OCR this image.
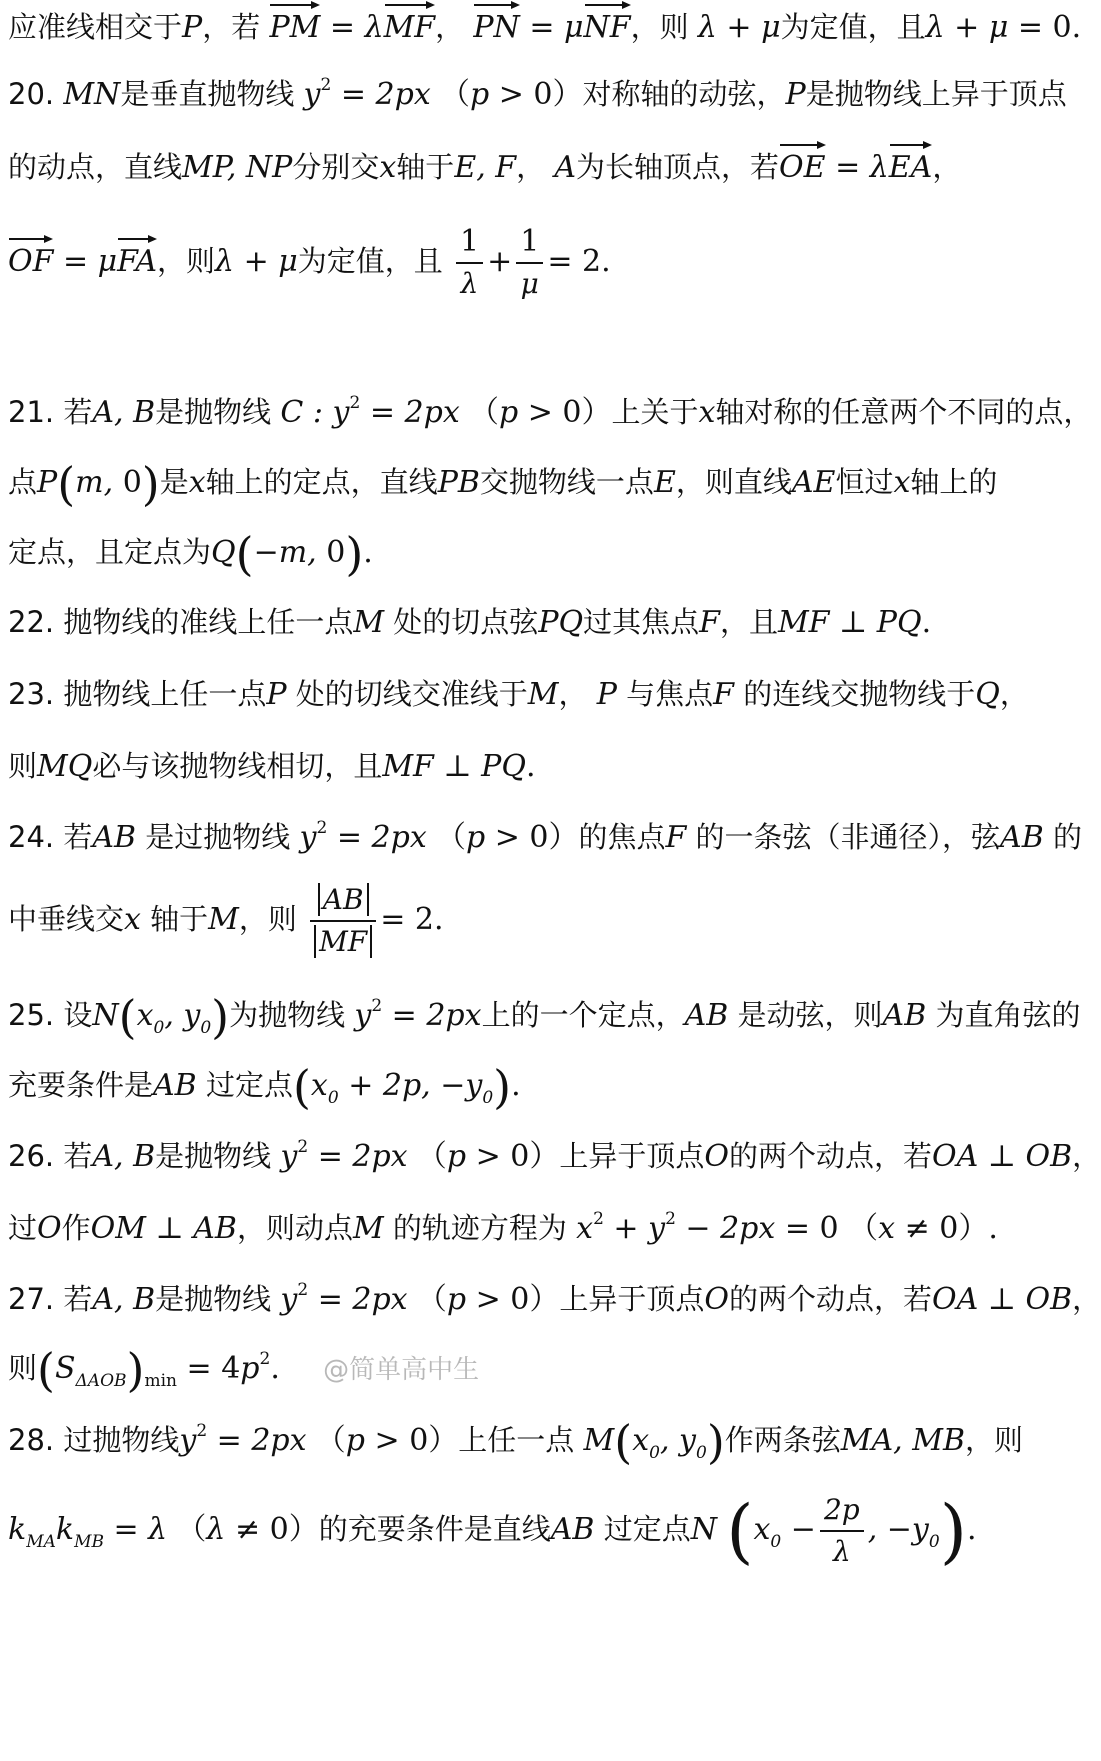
应准线相交于P，若 PM = λMF， PN = μNF，则 λ + μ为定值，且λ + μ = 0.
20. MN是垂直抛物线 $y^2 = 2px$ （p > 0）对称轴的动弦，P是抛物线上异于顶点
的动点，直线MP, NP分别交x轴于E, F， A为长轴顶点，若OE = λEA，
OF = μFA，则λ + μ为定值，且 $\frac{1}{\lambda} + \frac{1}{\mu} = 2$.
21. 若A, B是抛物线 C : $y^2 = 2px$ （p > 0）上关于x轴对称的任意两个不同的点，
点P(m, 0)是x轴上的定点，直线PB交抛物线一点E，则直线AE恒过x轴上的
定点，且定点为Q(−m, 0).
22. 抛物线的准线上任一点M 处的切点弦PQ过其焦点F，且MF ⊥ PQ.
23. 抛物线上任一点P 处的切线交准线于M， P 与焦点F 的连线交抛物线于Q，
则MQ必与该抛物线相切，且MF ⊥ PQ.
24. 若AB 是过抛物线 $y^2 = 2px$ （p > 0）的焦点F 的一条弦（非通径），弦AB 的
中垂线交x 轴于M，则 $\frac{AB}{MF} = 2$.
25. 设$N(x_0$, $y_0$)为抛物线 $y^2 = 2px$上的一个定点，AB 是动弦，则AB 为直角弦的
充要条件是AB 过定点($x_0 + 2p$, $-y_0$).
26. 若A, B是抛物线 $y^2 = 2px$ （p > 0）上异于顶点O的两个动点，若OA ⊥ OB，
过O作OM ⊥ AB，则动点M 的轨迹方程为 $x^2 + y^2 - 2px = 0$ （x ≠ 0）.
27. 若A, B是抛物线 $y^2 = 2px$ （p > 0）上异于顶点O的两个动点，若OA ⊥ OB，
则$(S_{\Delta AOB})_{min} = 4p^2$. @简单高中生
28. 过抛物线$y^2 = 2px$ （p > 0）上任一点 $M(x_0$, $y_0$)作两条弦MA, MB，则
$k_{MA}k_{MB} = \lambda$ （λ ≠ 0）的充要条件是直线AB 过定点N ($x_0 - \frac{2p}{\lambda}$ , $-y_0$).
